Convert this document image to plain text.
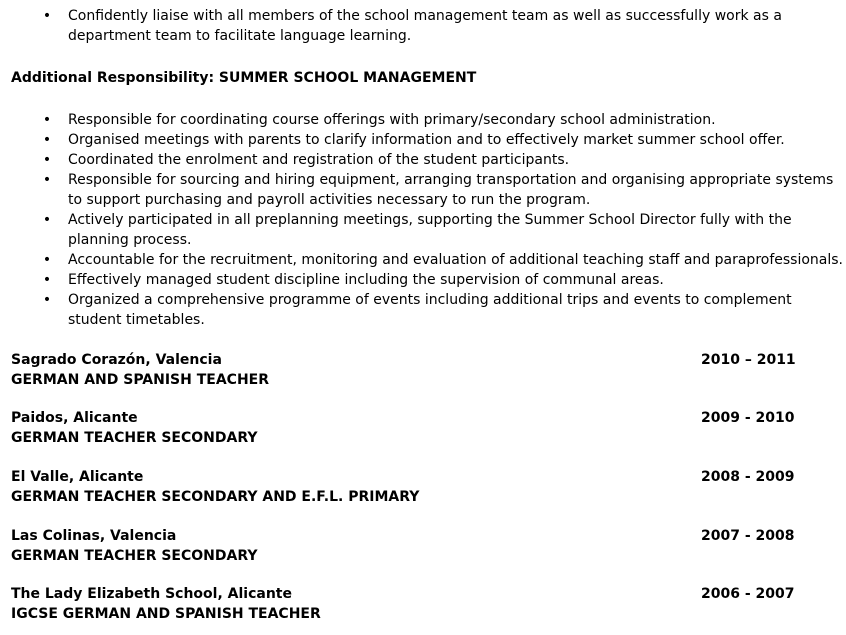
• Confidently liaise with all members of the school management team as well as successfully work as a department team to facilitate language learning.
Additional Responsibility: SUMMER SCHOOL MANAGEMENT
• Responsible for coordinating course offerings with primary/secondary school administration.
• Organised meetings with parents to clarify information and to effectively market summer school offer.
• Coordinated the enrolment and registration of the student participants.
• Responsible for sourcing and hiring equipment, arranging transportation and organising appropriate systems to support purchasing and payroll activities necessary to run the program.
• Actively participated in all preplanning meetings, supporting the Summer School Director fully with the planning process.
• Accountable for the recruitment, monitoring and evaluation of additional teaching staff and paraprofessionals.
• Effectively managed student discipline including the supervision of communal areas.
• Organized a comprehensive programme of events including additional trips and events to complement student timetables.
Sagrado Corazón, Valencia	2010 – 2011
GERMAN AND SPANISH TEACHER
Paidos, Alicante	2009 - 2010
GERMAN TEACHER SECONDARY
El Valle, Alicante	2008 - 2009
GERMAN TEACHER SECONDARY AND E.F.L. PRIMARY
Las Colinas, Valencia	2007 - 2008
GERMAN TEACHER SECONDARY
The Lady Elizabeth School, Alicante	2006 - 2007
IGCSE GERMAN AND SPANISH TEACHER
